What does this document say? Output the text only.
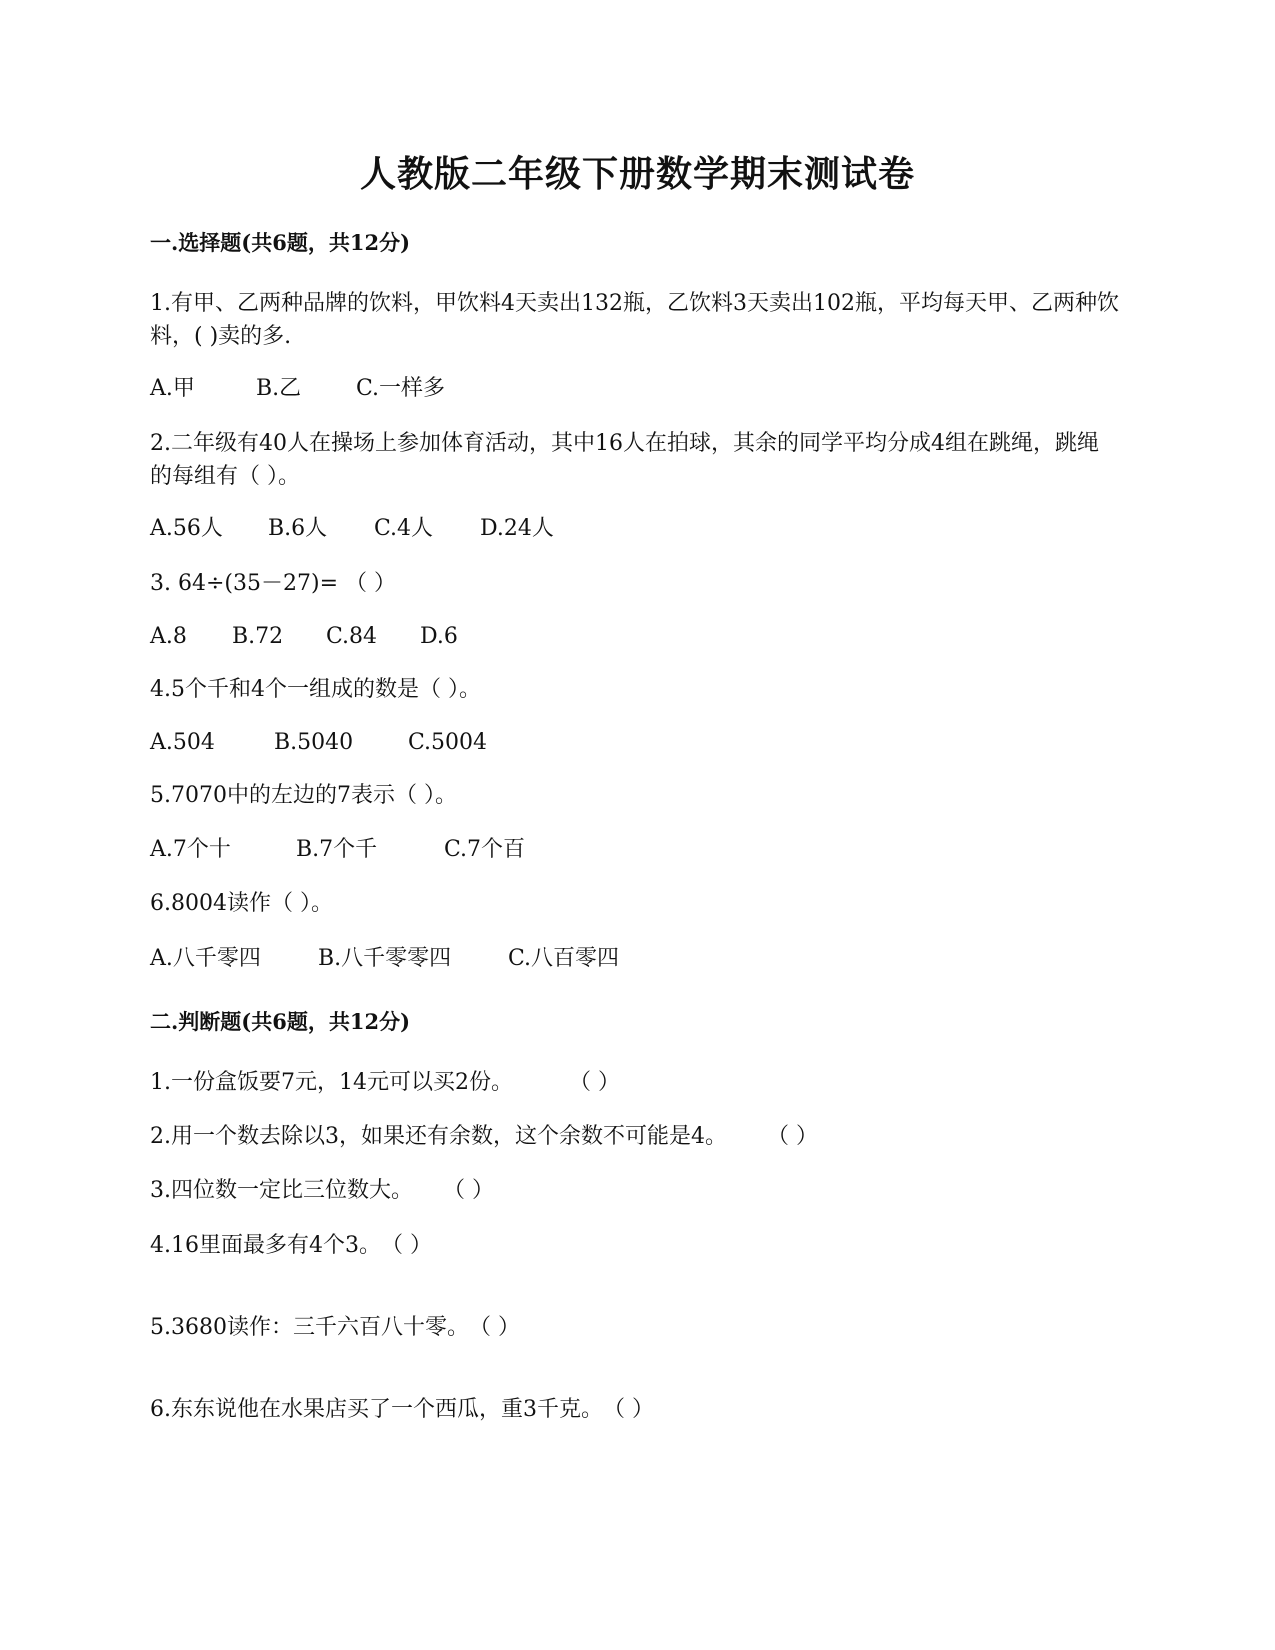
人教版二年级下册数学期末测试卷
一.选择题(共6题，共12分)
1.有甲、乙两种品牌的饮料，甲饮料4天卖出132瓶，乙饮料3天卖出102瓶，平均每天甲、乙两种饮料，( )卖的多.
A.甲	B.乙 C.一样多
2.二年级有40人在操场上参加体育活动，其中16人在拍球，其余的同学平均分成4组在跳绳，跳绳的每组有（ ）。
A.56人 B.6人 C.4人 D.24人
3. 64÷(35－27)= （ ）
A.8 B.72 C.84 D.6
4.5个千和4个一组成的数是（ ）。
A.504	B.5040 C.5004
5.7070中的左边的7表示（ ）。
A.7个十	B.7个千	C.7个百
6.8004读作（ ）。
A.八千零四	B.八千零零四	C.八百零四
二.判断题(共6题，共12分)
1.一份盒饭要7元，14元可以买2份。	（ ）
2.用一个数去除以3，如果还有余数，这个余数不可能是4。 （ ）
3.四位数一定比三位数大。 （ ）
4.16里面最多有4个3。（ ）
5.3680读作：三千六百八十零。（ ）
6.东东说他在水果店买了一个西瓜，重3千克。（ ）
